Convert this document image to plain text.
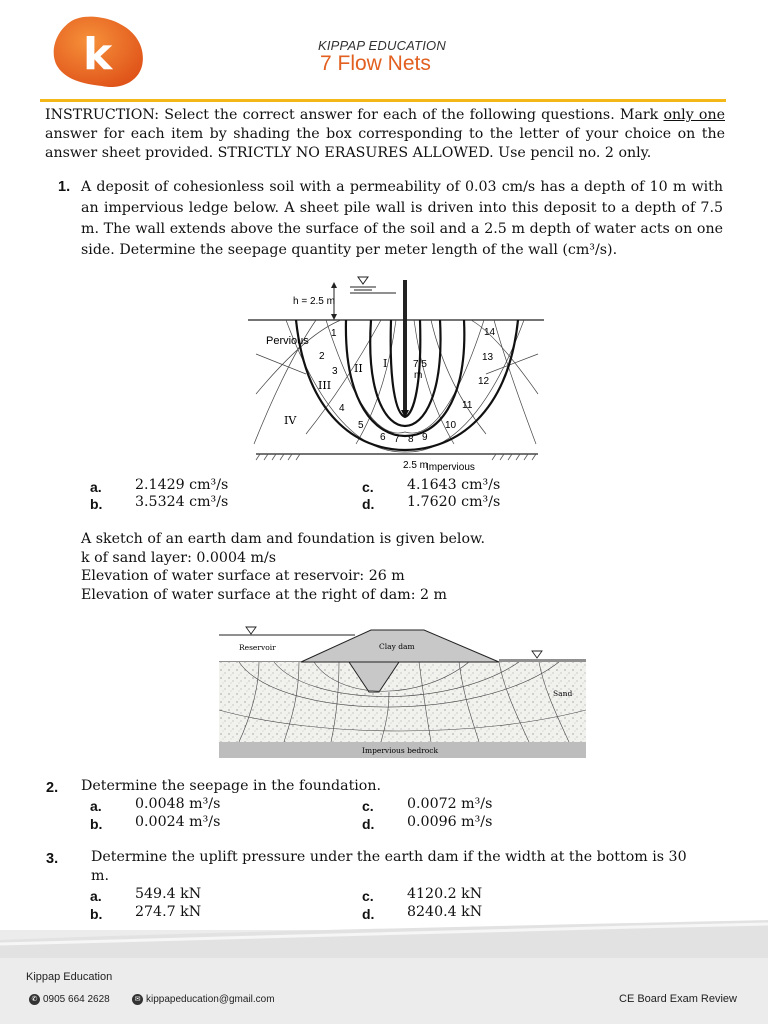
k	KIPPAP EDUCATION
7 Flow Nets
INSTRUCTION: Select the correct answer for each of the following questions. Mark only one answer for each item by shading the box corresponding to the letter of your choice on the answer sheet provided. STRICTLY NO ERASURES ALLOWED. Use pencil no. 2 only.
1. A deposit of cohesionless soil with a permeability of 0.03 cm/s has a depth of 10 m with an impervious ledge below. A sheet pile wall is driven into this deposit to a depth of 7.5 m. The wall extends above the surface of the soil and a 2.5 m depth of water acts on one side. Determine the seepage quantity per meter length of the wall (cm³/s).
h = 2.5 m
Pervious
Impervious
2.5 m
7.5
m
I
II
III
IV
1
2
3
4
5
6 7 8 9
10
11
12
13
14
a. 2.1429 cm³/s
b. 3.5324 cm³/s
c. 4.1643 cm³/s
d. 1.7620 cm³/s
A sketch of an earth dam and foundation is given below.
k of sand layer: 0.0004 m/s
Elevation of water surface at reservoir: 26 m
Elevation of water surface at the right of dam: 2 m
Reservoir	Clay dam
Sand
Impervious bedrock
2. Determine the seepage in the foundation.
a. 0.0048 m³/s
b. 0.0024 m³/s
c. 0.0072 m³/s
d. 0.0096 m³/s
3. Determine the uplift pressure under the earth dam if the width at the bottom is 30
m.
a. 549.4 kN
b. 274.7 kN
c. 4120.2 kN
d. 8240.4 kN
Kippap Education
✆ 0905 664 2628	✉ kippapeducation@gmail.com	CE Board Exam Review
